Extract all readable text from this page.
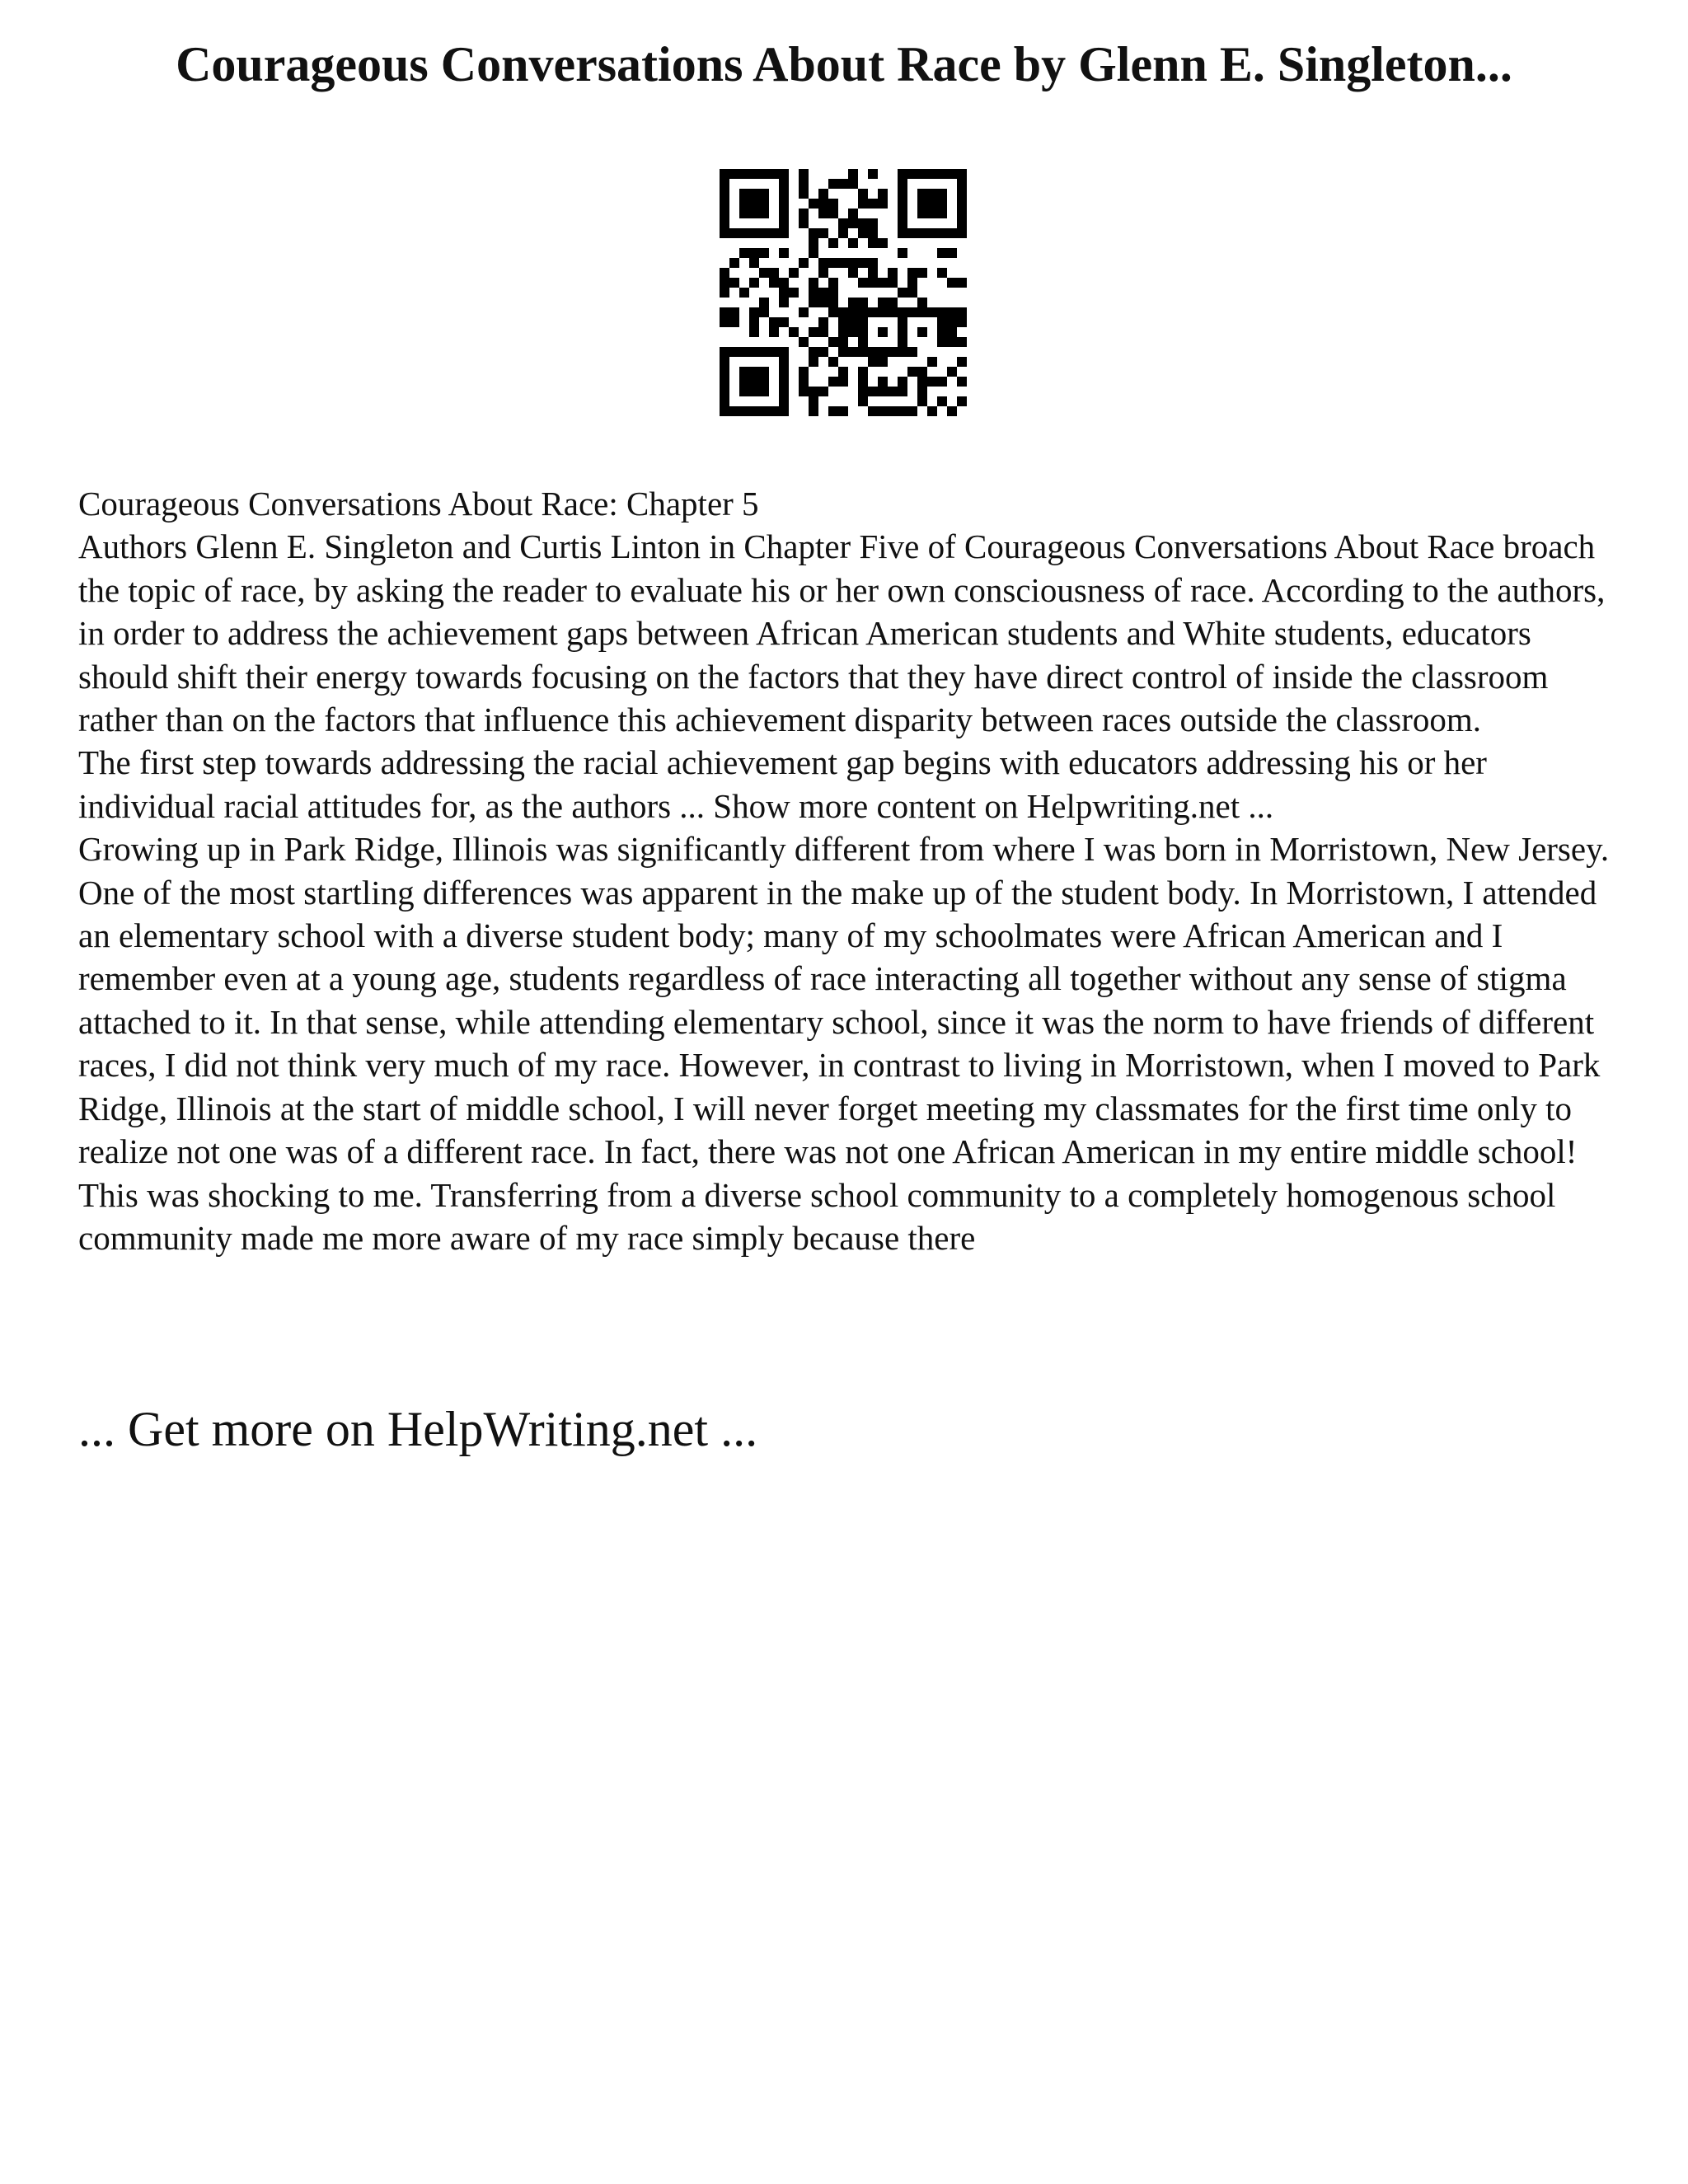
Courageous Conversations About Race by Glenn E. Singleton...

Courageous Conversations About Race: Chapter 5

Authors Glenn E. Singleton and Curtis Linton in Chapter Five of Courageous Conversations About Race broach the topic of race, by asking the reader to evaluate his or her own consciousness of race. According to the authors, in order to address the achievement gaps between African American students and White students, educators should shift their energy towards focusing on the factors that they have direct control of inside the classroom rather than on the factors that influence this achievement disparity between races outside the classroom.

The first step towards addressing the racial achievement gap begins with educators addressing his or her individual racial attitudes for, as the authors ... Show more content on Helpwriting.net ...

Growing up in Park Ridge, Illinois was significantly different from where I was born in Morristown, New Jersey. One of the most startling differences was apparent in the make up of the student body. In Morristown, I attended an elementary school with a diverse student body; many of my schoolmates were African American and I remember even at a young age, students regardless of race interacting all together without any sense of stigma attached to it. In that sense, while attending elementary school, since it was the norm to have friends of different races, I did not think very much of my race. However, in contrast to living in Morristown, when I moved to Park Ridge, Illinois at the start of middle school, I will never forget meeting my classmates for the first time only to realize not one was of a different race. In fact, there was not one African American in my entire middle school! This was shocking to me. Transferring from a diverse school community to a completely homogenous school community made me more aware of my race simply because there

... Get more on HelpWriting.net ...
